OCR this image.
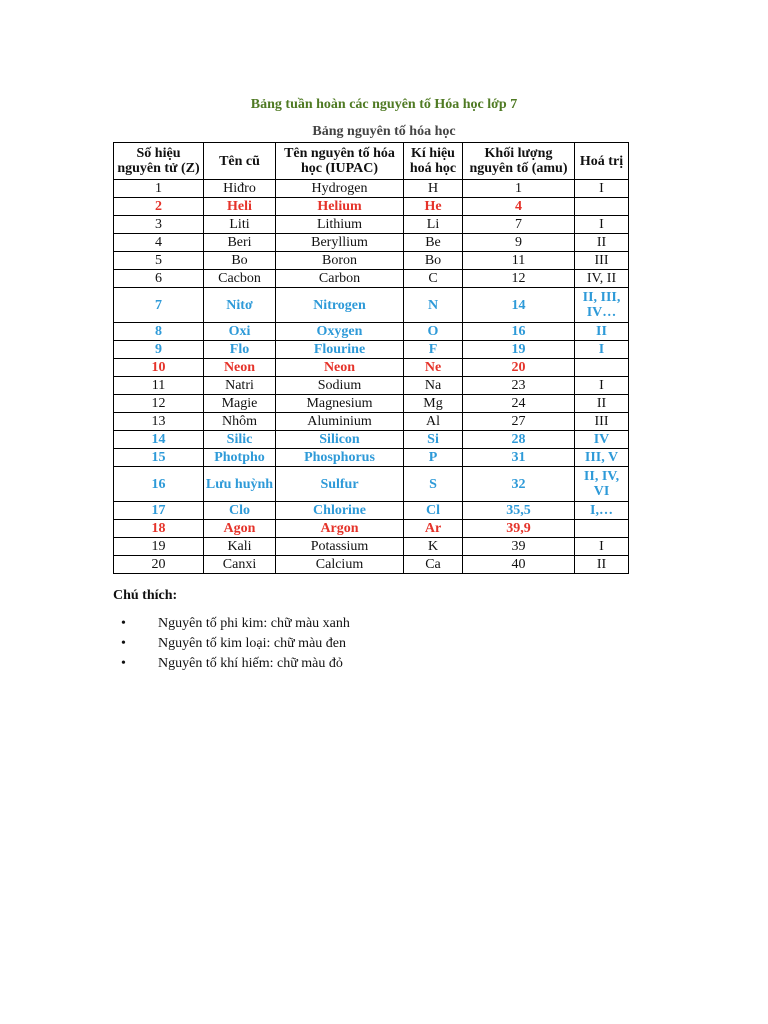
Bảng tuần hoàn các nguyên tố Hóa học lớp 7
Bảng nguyên tố hóa học
Số hiệu nguyên tử (Z)	Tên cũ	Tên nguyên tố hóa học (IUPAC)	Kí hiệu hoá học	Khối lượng nguyên tố (amu)	Hoá trị
1	Hiđro	Hydrogen	H	1	I
2	Heli	Helium	He	4	
3	Liti	Lithium	Li	7	I
4	Beri	Beryllium	Be	9	II
5	Bo	Boron	Bo	11	III
6	Cacbon	Carbon	C	12	IV, II
7	Nitơ	Nitrogen	N	14	II, III, IV…
8	Oxi	Oxygen	O	16	II
9	Flo	Flourine	F	19	I
10	Neon	Neon	Ne	20	
11	Natri	Sodium	Na	23	I
12	Magie	Magnesium	Mg	24	II
13	Nhôm	Aluminium	Al	27	III
14	Silic	Silicon	Si	28	IV
15	Photpho	Phosphorus	P	31	III, V
16	Lưu huỳnh	Sulfur	S	32	II, IV, VI
17	Clo	Chlorine	Cl	35,5	I,…
18	Agon	Argon	Ar	39,9	
19	Kali	Potassium	K	39	I
20	Canxi	Calcium	Ca	40	II
Chú thích:
• Nguyên tố phi kim: chữ màu xanh
• Nguyên tố kim loại: chữ màu đen
• Nguyên tố khí hiếm: chữ màu đỏ
